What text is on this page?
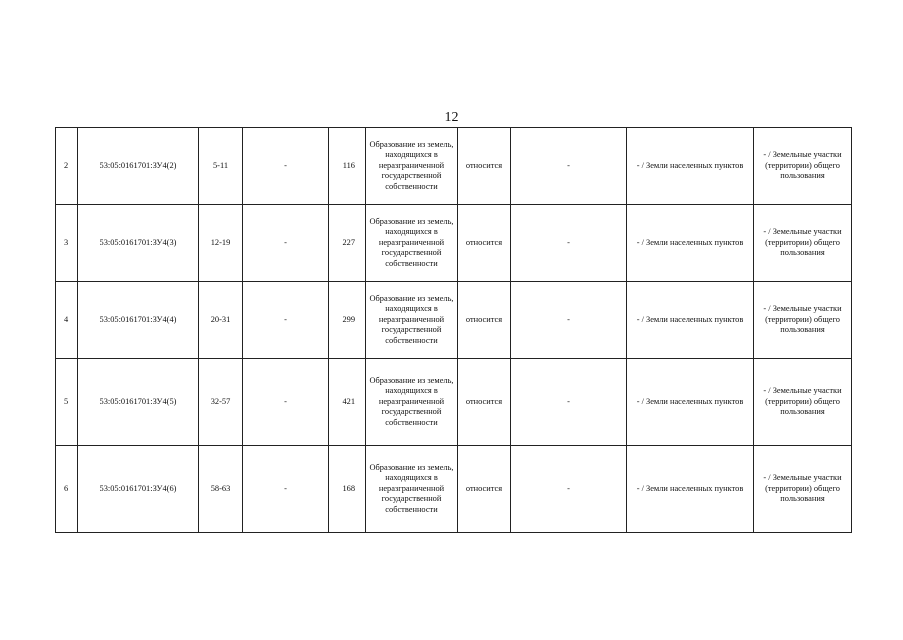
12
2	53:05:0161701:ЗУ4(2)	5-11	-	116	Образование из земель, находящихся в неразграниченной государственной собственности	относится	-	- / Земли населенных пунктов	- / Земельные участки (территории) общего пользования
3	53:05:0161701:ЗУ4(3)	12-19	-	227	Образование из земель, находящихся в неразграниченной государственной собственности	относится	-	- / Земли населенных пунктов	- / Земельные участки (территории) общего пользования
4	53:05:0161701:ЗУ4(4)	20-31	-	299	Образование из земель, находящихся в неразграниченной государственной собственности	относится	-	- / Земли населенных пунктов	- / Земельные участки (территории) общего пользования
5	53:05:0161701:ЗУ4(5)	32-57	-	421	Образование из земель, находящихся в неразграниченной государственной собственности	относится	-	- / Земли населенных пунктов	- / Земельные участки (территории) общего пользования
6	53:05:0161701:ЗУ4(6)	58-63	-	168	Образование из земель, находящихся в неразграниченной государственной собственности	относится	-	- / Земли населенных пунктов	- / Земельные участки (территории) общего пользования
